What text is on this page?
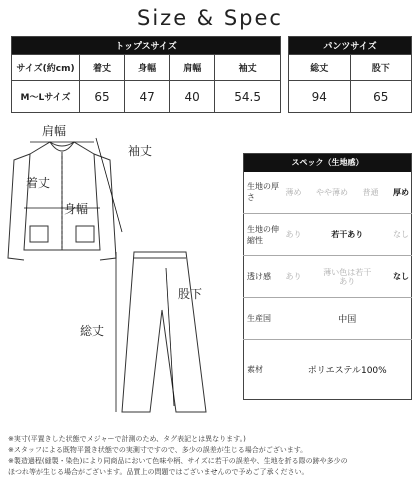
Size & Spec
トップスサイズ				
サイズ(約cm)	着丈	身幅	肩幅	袖丈
M～Lサイズ	65	47	40	54.5
パンツサイズ	
総丈	股下
94	65
肩幅
袖丈
着丈
身幅
股下
総丈
スペック（生地感）	
生地の厚さ	薄め やや薄め 普通 厚め

生地の伸縮性	あり 若干あり なし

透け感	あり 薄い色は若干あり なし

生産国	中国

素材	ポリエステル100%
※実寸(平置きした状態でメジャーで計測のため、タグ表記とは異なります。)
※スタッフによる既物平置き状態での実測寸ですので、多少の誤差が生じる場合がございます。
※製造過程(縫製・染色)により同商品において色味や柄、サイズに若干の誤差や、生地を折る際の跡や多少の
ほつれ等が生じる場合がございます。品質上の問題ではございませんので予めご了承ください。
